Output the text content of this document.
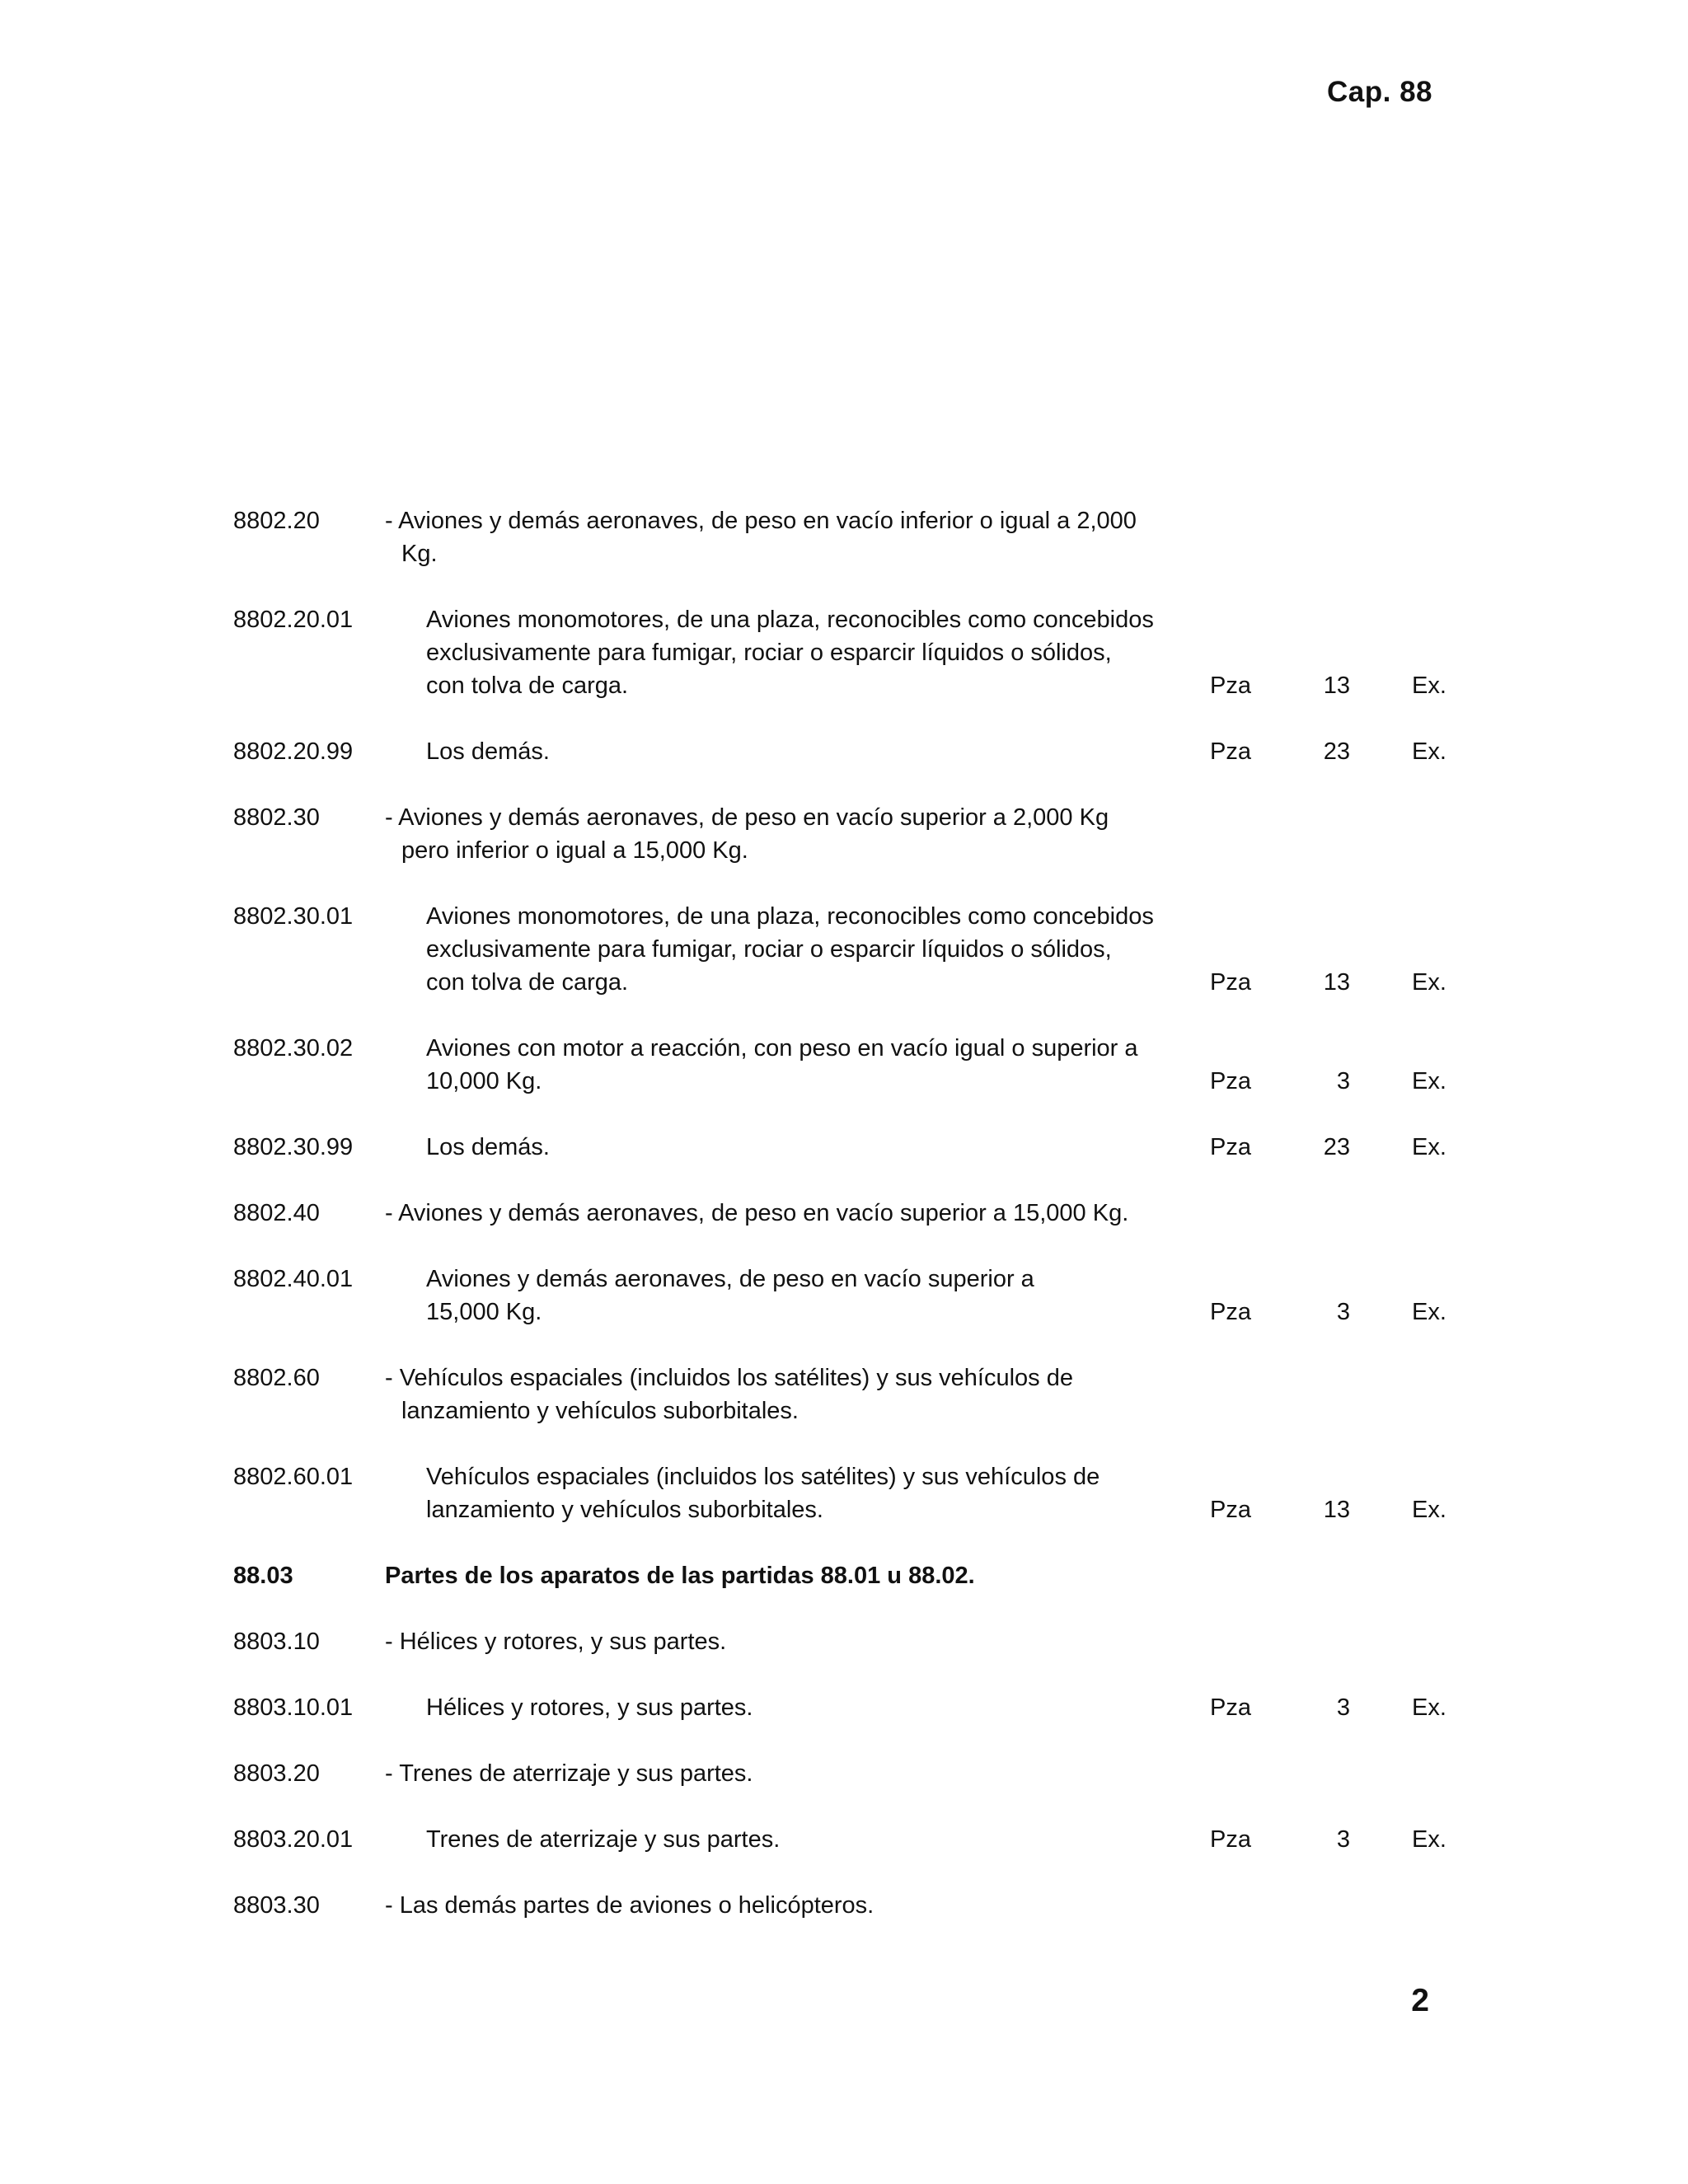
Cap. 88
8802.20	- Aviones y demás aeronaves, de peso en vacío inferior o igual a 2,000
Kg.
8802.20.01	Aviones monomotores, de una plaza, reconocibles como concebidos
exclusivamente para fumigar, rociar o esparcir líquidos o sólidos,
con tolva de carga.	Pza	13	Ex.
8802.20.99	Los demás.	Pza	23	Ex.
8802.30	- Aviones y demás aeronaves, de peso en vacío superior a 2,000 Kg
pero inferior o igual a 15,000 Kg.
8802.30.01	Aviones monomotores, de una plaza, reconocibles como concebidos
exclusivamente para fumigar, rociar o esparcir líquidos o sólidos,
con tolva de carga.	Pza	13	Ex.
8802.30.02	Aviones con motor a reacción, con peso en vacío igual o superior a
10,000 Kg.	Pza	3	Ex.
8802.30.99	Los demás.	Pza	23	Ex.
8802.40	- Aviones y demás aeronaves, de peso en vacío superior a 15,000 Kg.
8802.40.01	Aviones y demás aeronaves, de peso en vacío superior a
15,000 Kg.	Pza	3	Ex.
8802.60	- Vehículos espaciales (incluidos los satélites) y sus vehículos de
lanzamiento y vehículos suborbitales.
8802.60.01	Vehículos espaciales (incluidos los satélites) y sus vehículos de
lanzamiento y vehículos suborbitales.	Pza	13	Ex.
88.03	Partes de los aparatos de las partidas 88.01 u 88.02.
8803.10	- Hélices y rotores, y sus partes.
8803.10.01	Hélices y rotores, y sus partes.	Pza	3	Ex.
8803.20	- Trenes de aterrizaje y sus partes.
8803.20.01	Trenes de aterrizaje y sus partes.	Pza	3	Ex.
8803.30	- Las demás partes de aviones o helicópteros.
2
